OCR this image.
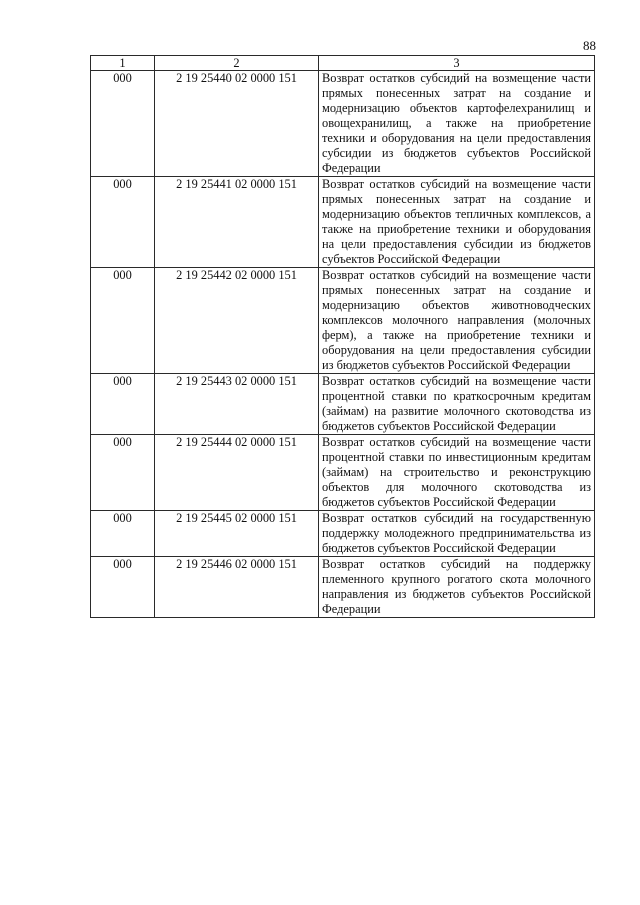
88
1	2	3
000	2 19 25440 02 0000 151	Возврат остатков субсидий на возмещение части прямых понесенных затрат на создание и модернизацию объектов картофелехранилищ и овощехранилищ, а также на приобретение техники и оборудования на цели предоставления субсидии из бюджетов субъектов Российской Федерации
000	2 19 25441 02 0000 151	Возврат остатков субсидий на возмещение части прямых понесенных затрат на создание и модернизацию объектов тепличных комплексов, а также на приобретение техники и оборудования на цели предоставления субсидии из бюджетов субъектов Российской Федерации
000	2 19 25442 02 0000 151	Возврат остатков субсидий на возмещение части прямых понесенных затрат на создание и модернизацию объектов животноводческих комплексов молочного направления (молочных ферм), а также на приобретение техники и оборудования на цели предоставления субсидии из бюджетов субъектов Российской Федерации
000	2 19 25443 02 0000 151	Возврат остатков субсидий на возмещение части процентной ставки по краткосрочным кредитам (займам) на развитие молочного скотоводства из бюджетов субъектов Российской Федерации
000	2 19 25444 02 0000 151	Возврат остатков субсидий на возмещение части процентной ставки по инвестиционным кредитам (займам) на строительство и реконструкцию объектов для молочного скотоводства из бюджетов субъектов Российской Федерации
000	2 19 25445 02 0000 151	Возврат остатков субсидий на государственную поддержку молодежного предпринимательства из бюджетов субъектов Российской Федерации
000	2 19 25446 02 0000 151	Возврат остатков субсидий на поддержку племенного крупного рогатого скота молочного направления из бюджетов субъектов Российской Федерации
